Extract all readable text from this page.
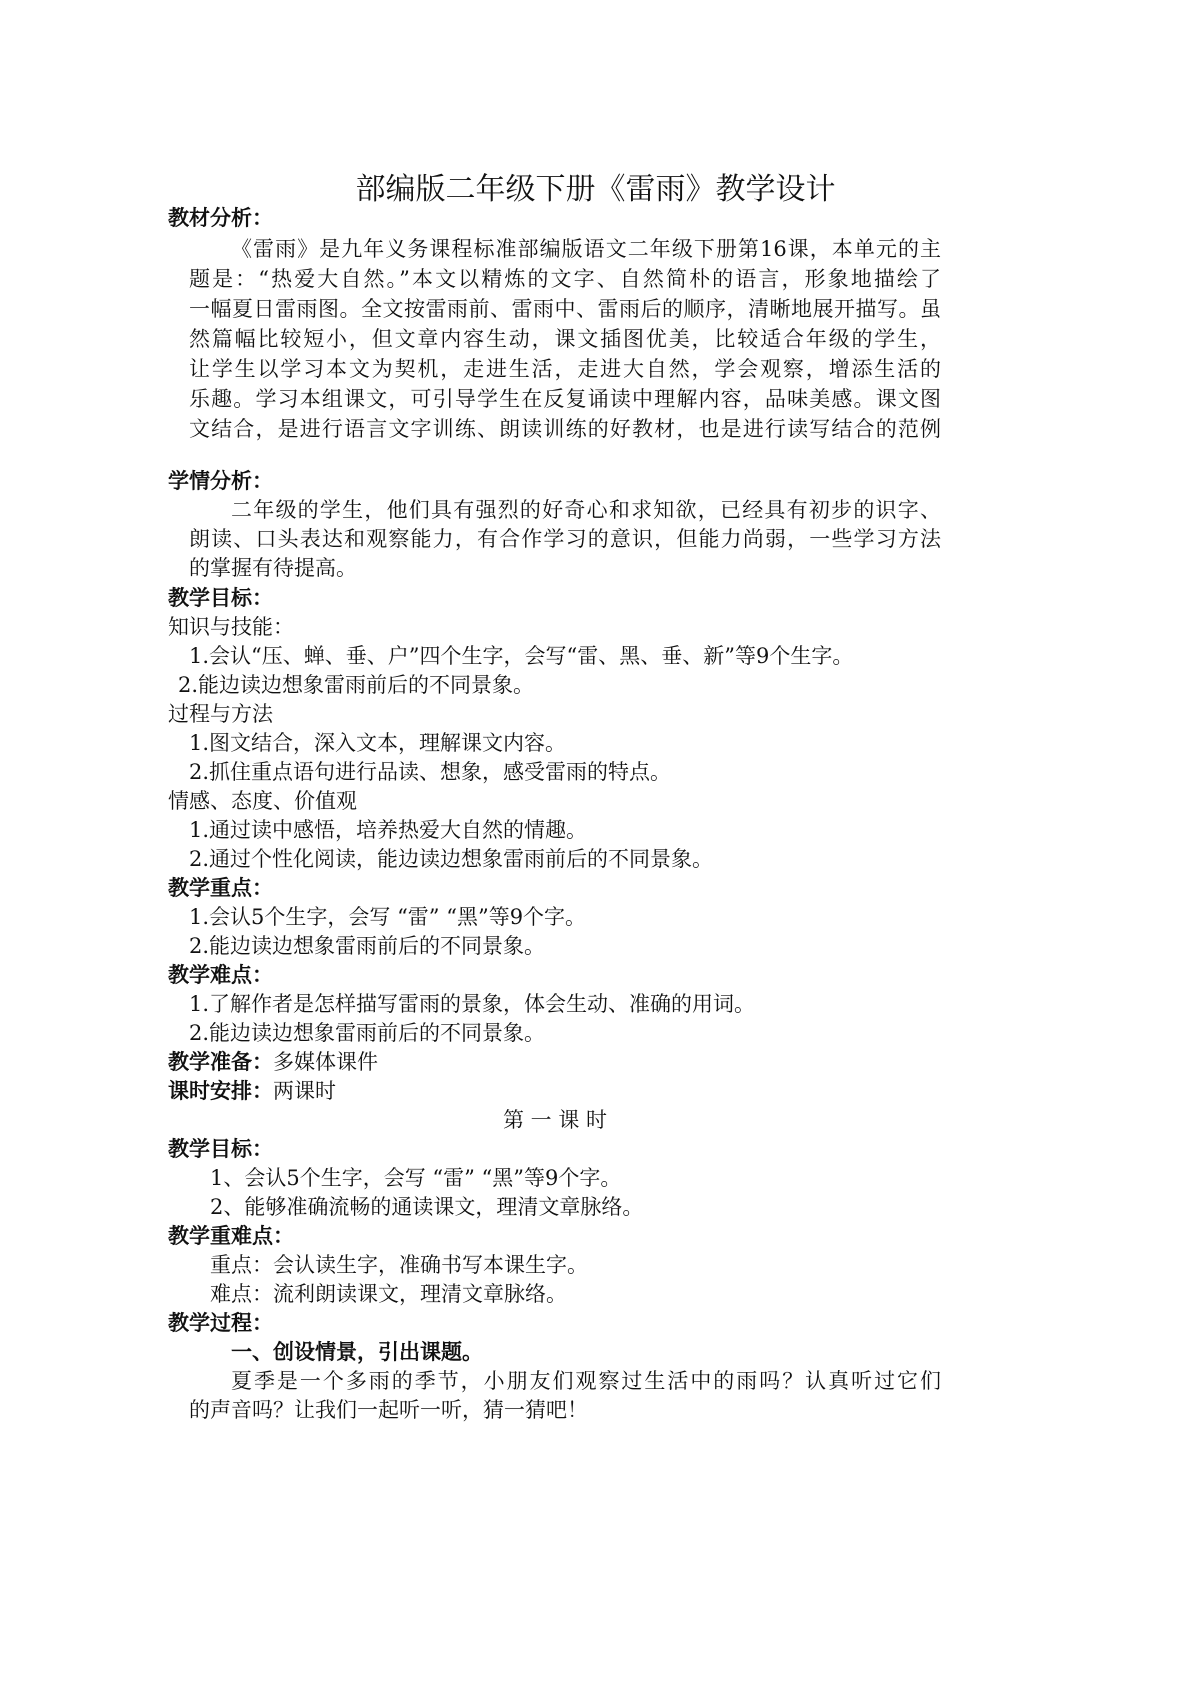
部编版二年级下册《雷雨》教学设计
教材分析：
《雷雨》是九年义务课程标准部编版语文二年级下册第16课，本单元的主
题是：“热爱大自然。”本文以精炼的文字、自然简朴的语言，形象地描绘了
一幅夏日雷雨图。全文按雷雨前、雷雨中、雷雨后的顺序，清晰地展开描写。虽
然篇幅比较短小，但文章内容生动，课文插图优美，比较适合年级的学生，
让学生以学习本文为契机，走进生活，走进大自然，学会观察，增添生活的
乐趣。学习本组课文，可引导学生在反复诵读中理解内容，品味美感。课文图
文结合，是进行语言文字训练、朗读训练的好教材，也是进行读写结合的范例
学情分析：
二年级的学生，他们具有强烈的好奇心和求知欲，已经具有初步的识字、
朗读、口头表达和观察能力，有合作学习的意识，但能力尚弱，一些学习方法
的掌握有待提高。
教学目标：
知识与技能：
1.会认“压、蝉、垂、户”四个生字，会写“雷、黑、垂、新”等9个生字。
2.能边读边想象雷雨前后的不同景象。
过程与方法
1.图文结合，深入文本，理解课文内容。
2.抓住重点语句进行品读、想象，感受雷雨的特点。
情感、态度、价值观
1.通过读中感悟，培养热爱大自然的情趣。
2.通过个性化阅读，能边读边想象雷雨前后的不同景象。
教学重点：
1.会认5个生字，会写 “雷” “黑”等9个字。
2.能边读边想象雷雨前后的不同景象。
教学难点：
1.了解作者是怎样描写雷雨的景象，体会生动、准确的用词。
2.能边读边想象雷雨前后的不同景象。
教学准备：多媒体课件
课时安排：两课时
第 一 课 时
教学目标：
1、会认5个生字，会写 “雷” “黑”等9个字。
2、能够准确流畅的通读课文，理清文章脉络。
教学重难点：
重点：会认读生字，准确书写本课生字。
难点：流利朗读课文，理清文章脉络。
教学过程：
一、创设情景，引出课题。
夏季是一个多雨的季节，小朋友们观察过生活中的雨吗？认真听过它们
的声音吗？让我们一起听一听，猜一猜吧！
